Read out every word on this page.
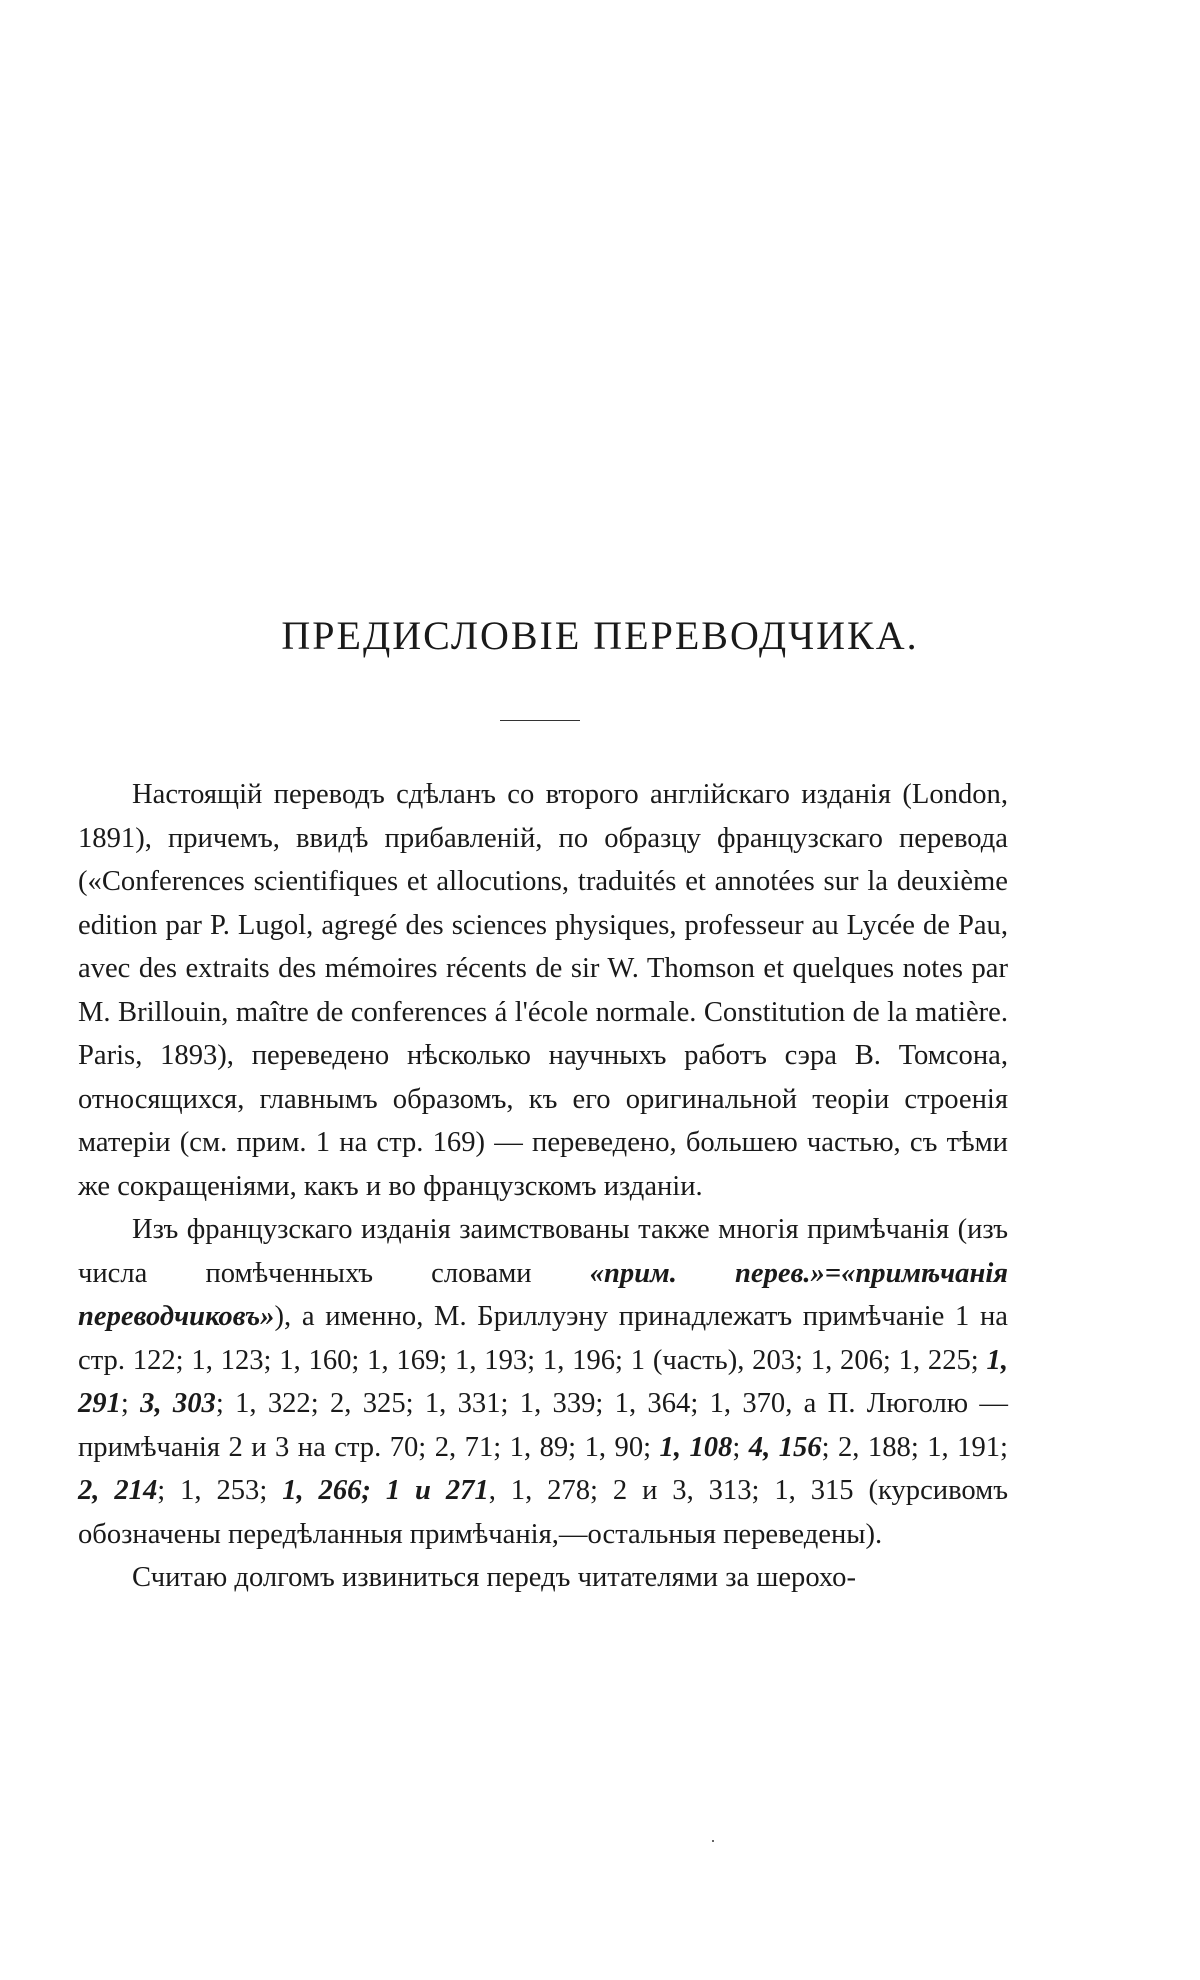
ПРЕДИСЛОВІЕ ПЕРЕВОДЧИКА.

Настоящій переводъ сдѣланъ со второго англійскаго изданія (London, 1891), причемъ, ввидѣ прибавленій, по образцу французскаго перевода («Conferences scientifiques et allocutions, traduités et annotées sur la deuxième edition par P. Lugol, agregé des sciences physiques, professeur au Lycée de Pau, avec des extraits des mémoires récents de sir W. Thomson et quelques notes par M. Brillouin, maître de conferences á l'école normale. Constitution de la matière. Paris, 1893), переведено нѣсколько научныхъ работъ сэра В. Томсона, относящихся, главнымъ образомъ, къ его оригинальной теоріи строенія матеріи (см. прим. 1 на стр. 169) — переведено, большею частью, съ тѣми же сокращеніями, какъ и во французскомъ изданіи.

Изъ французскаго изданія заимствованы также многія примѣчанія (изъ числа помѣченныхъ словами «прим. перев.»=«примѣчанія переводчиковъ»), а именно, М. Бриллуэну принадлежатъ примѣчаніе 1 на стр. 122; 1, 123; 1, 160; 1, 169; 1, 193; 1, 196; 1 (часть), 203; 1, 206; 1, 225; 1, 291; 3, 303; 1, 322; 2, 325; 1, 331; 1, 339; 1, 364; 1, 370, а П. Люголю —примѣчанія 2 и 3 на стр. 70; 2, 71; 1, 89; 1, 90; 1, 108; 4, 156; 2, 188; 1, 191; 2, 214; 1, 253; 1, 266; 1 и 271, 1, 278; 2 и 3, 313; 1, 315 (курсивомъ обозначены передѣланныя примѣчанія,—остальныя переведены).

Считаю долгомъ извиниться передъ читателями за шерохо-
